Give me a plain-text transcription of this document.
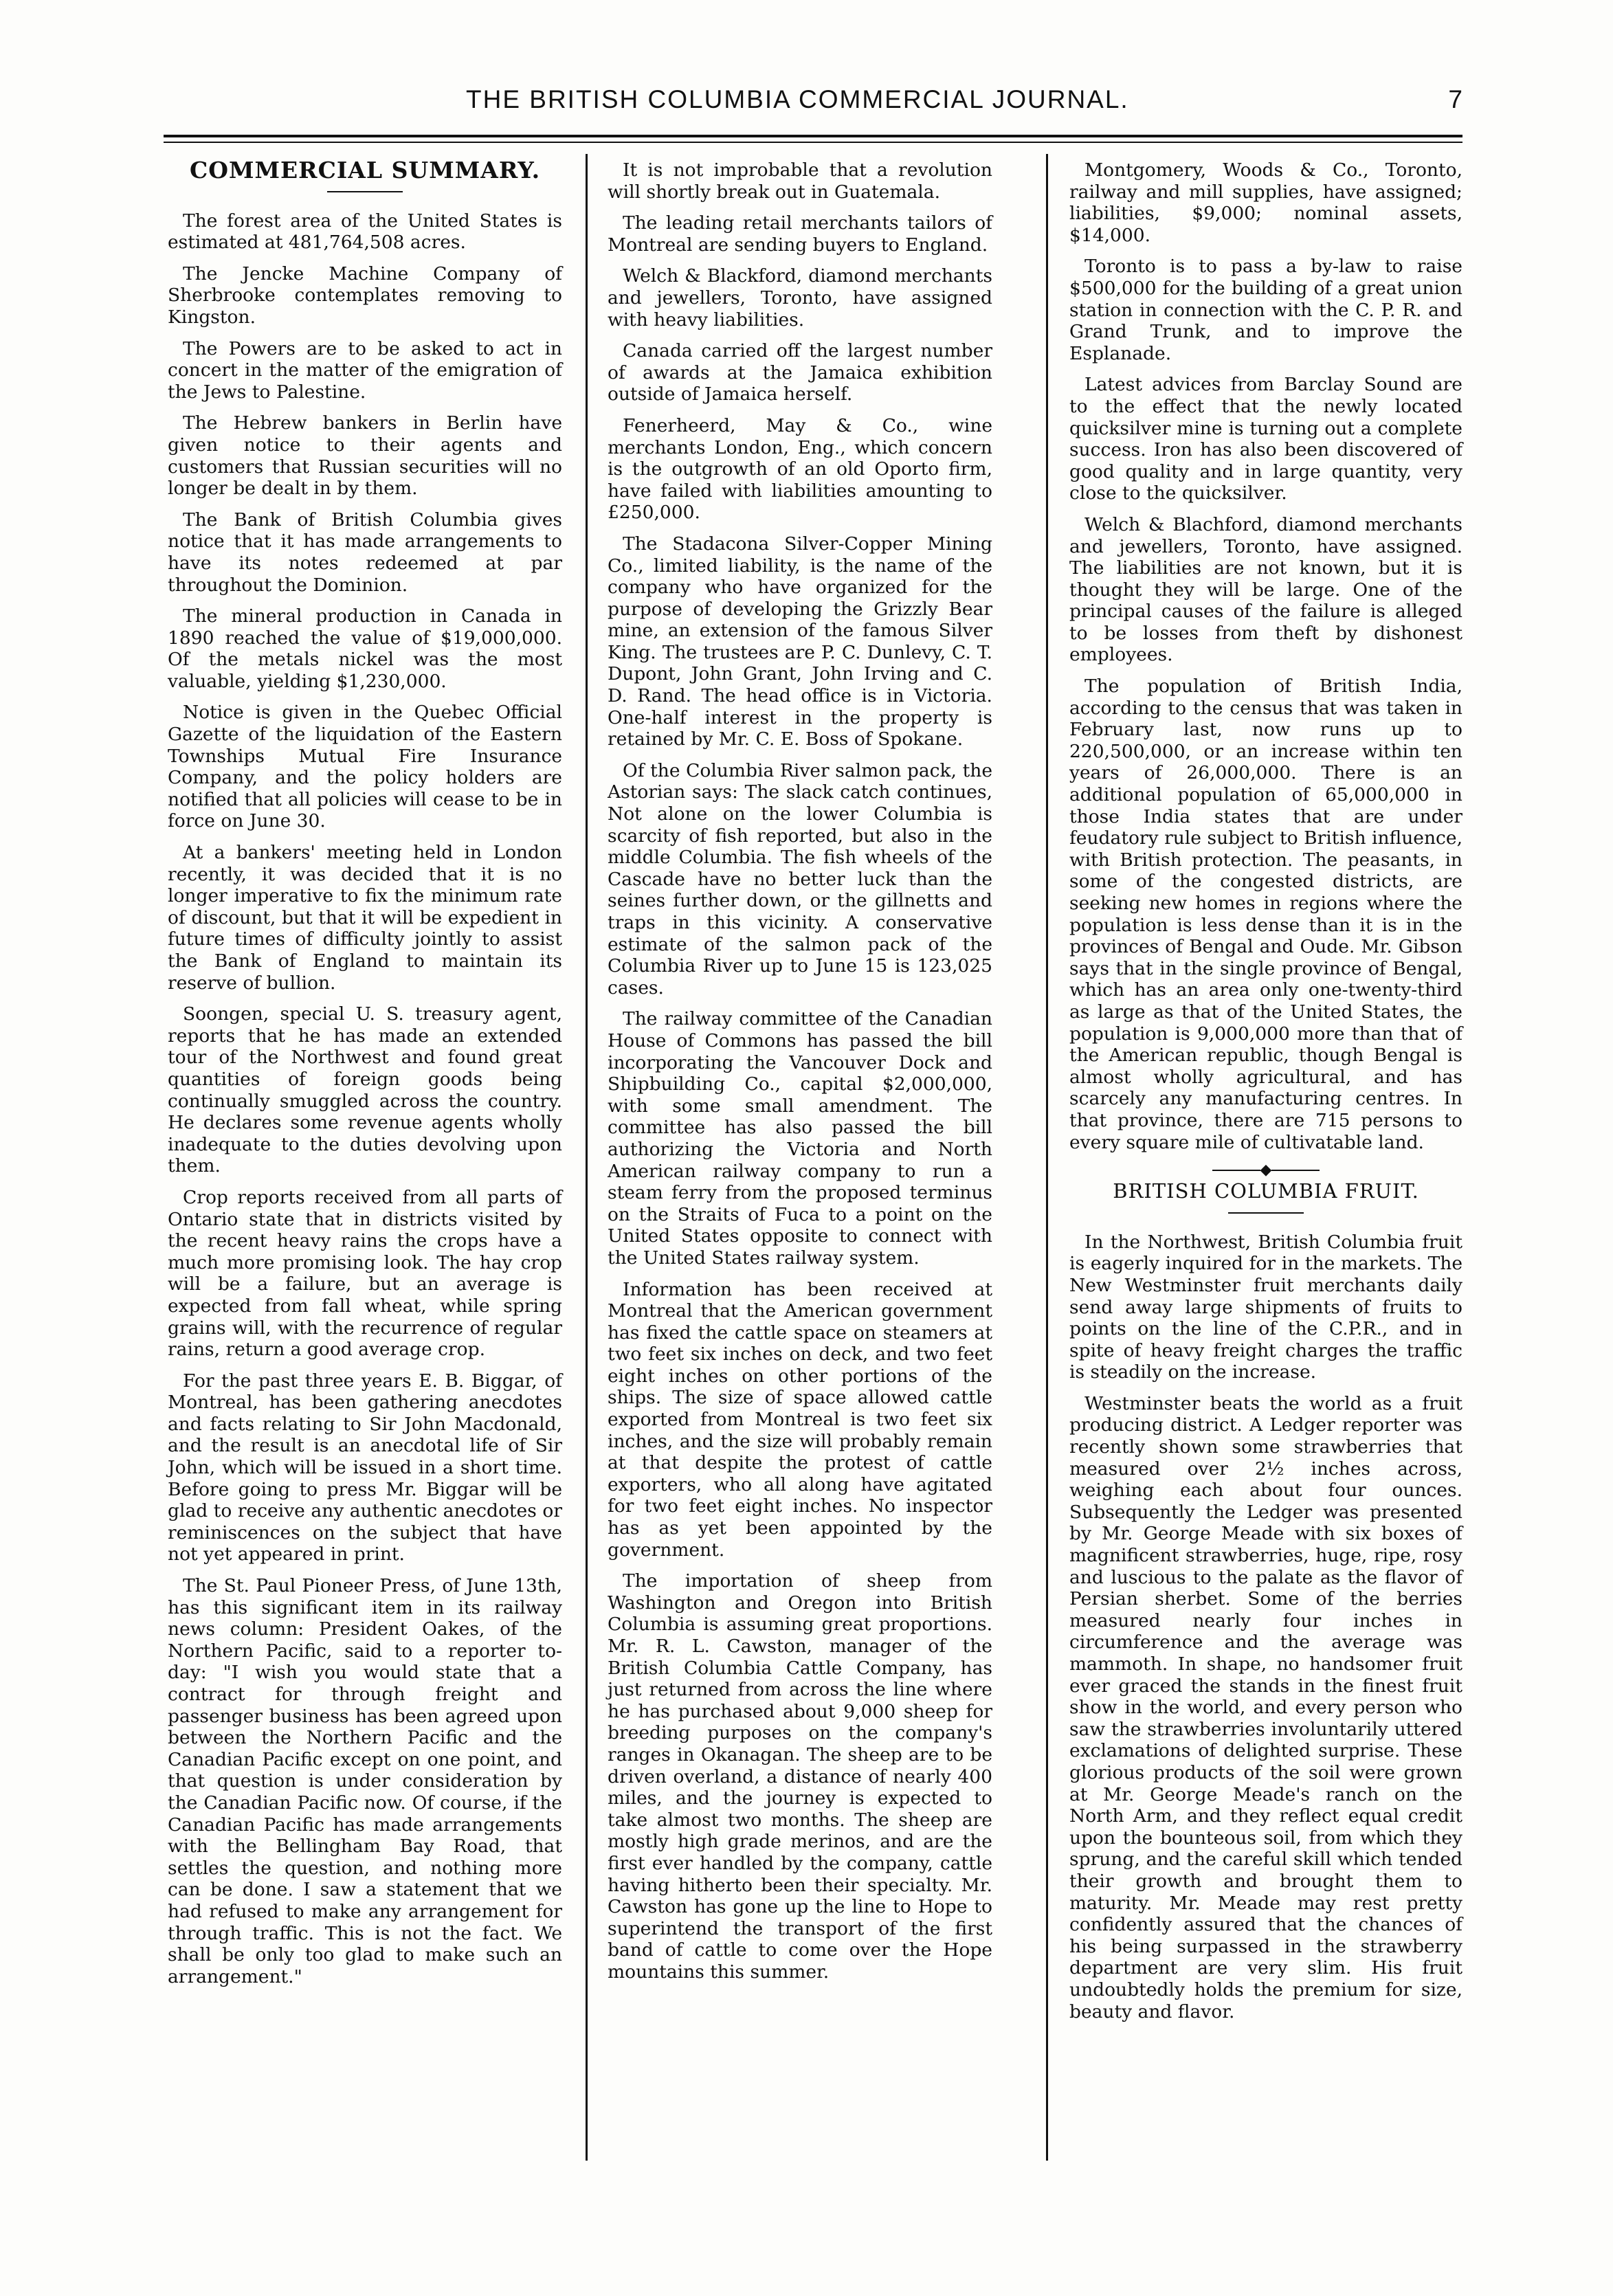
THE BRITISH COLUMBIA COMMERCIAL JOURNAL.	7
COMMERCIAL SUMMARY.

The forest area of the United States is estimated at 481,764,508 acres.

The Jencke Machine Company of Sherbrooke contemplates removing to Kingston.

The Powers are to be asked to act in concert in the matter of the emigration of the Jews to Palestine.

The Hebrew bankers in Berlin have given notice to their agents and customers that Russian securities will no longer be dealt in by them.

The Bank of British Columbia gives notice that it has made arrangements to have its notes redeemed at par throughout the Dominion.

The mineral production in Canada in 1890 reached the value of $19,000,000. Of the metals nickel was the most valuable, yielding $1,230,000.

Notice is given in the Quebec Official Gazette of the liquidation of the Eastern Townships Mutual Fire Insurance Company, and the policy holders are notified that all policies will cease to be in force on June 30.

At a bankers' meeting held in London recently, it was decided that it is no longer imperative to fix the minimum rate of discount, but that it will be expedient in future times of difficulty jointly to assist the Bank of England to maintain its reserve of bullion.

Soongen, special U. S. treasury agent, reports that he has made an extended tour of the Northwest and found great quantities of foreign goods being continually smuggled across the country. He declares some revenue agents wholly inadequate to the duties devolving upon them.

Crop reports received from all parts of Ontario state that in districts visited by the recent heavy rains the crops have a much more promising look. The hay crop will be a failure, but an average is expected from fall wheat, while spring grains will, with the recurrence of regular rains, return a good average crop.

For the past three years E. B. Biggar, of Montreal, has been gathering anecdotes and facts relating to Sir John Macdonald, and the result is an anecdotal life of Sir John, which will be issued in a short time. Before going to press Mr. Biggar will be glad to receive any authentic anecdotes or reminiscences on the subject that have not yet appeared in print.

The St. Paul Pioneer Press, of June 13th, has this significant item in its railway news column: President Oakes, of the Northern Pacific, said to a reporter to-day: "I wish you would state that a contract for through freight and passenger business has been agreed upon between the Northern Pacific and the Canadian Pacific except on one point, and that question is under consideration by the Canadian Pacific now. Of course, if the Canadian Pacific has made arrangements with the Bellingham Bay Road, that settles the question, and nothing more can be done. I saw a statement that we had refused to make any arrangement for through traffic. This is not the fact. We shall be only too glad to make such an arrangement."

It is not improbable that a revolution will shortly break out in Guatemala.

The leading retail merchants tailors of Montreal are sending buyers to England.

Welch & Blackford, diamond merchants and jewellers, Toronto, have assigned with heavy liabilities.

Canada carried off the largest number of awards at the Jamaica exhibition outside of Jamaica herself.

Fenerheerd, May & Co., wine merchants London, Eng., which concern is the outgrowth of an old Oporto firm, have failed with liabilities amounting to £250,000.

The Stadacona Silver-Copper Mining Co., limited liability, is the name of the company who have organized for the purpose of developing the Grizzly Bear mine, an extension of the famous Silver King. The trustees are P. C. Dunlevy, C. T. Dupont, John Grant, John Irving and C. D. Rand. The head office is in Victoria. One-half interest in the property is retained by Mr. C. E. Boss of Spokane.

Of the Columbia River salmon pack, the Astorian says: The slack catch continues, Not alone on the lower Columbia is scarcity of fish reported, but also in the middle Columbia. The fish wheels of the Cascade have no better luck than the seines further down, or the gillnetts and traps in this vicinity. A conservative estimate of the salmon pack of the Columbia River up to June 15 is 123,025 cases.

The railway committee of the Canadian House of Commons has passed the bill incorporating the Vancouver Dock and Shipbuilding Co., capital $2,000,000, with some small amendment. The committee has also passed the bill authorizing the Victoria and North American railway company to run a steam ferry from the proposed terminus on the Straits of Fuca to a point on the United States opposite to connect with the United States railway system.

Information has been received at Montreal that the American government has fixed the cattle space on steamers at two feet six inches on deck, and two feet eight inches on other portions of the ships. The size of space allowed cattle exported from Montreal is two feet six inches, and the size will probably remain at that despite the protest of cattle exporters, who all along have agitated for two feet eight inches. No inspector has as yet been appointed by the government.

The importation of sheep from Washington and Oregon into British Columbia is assuming great proportions. Mr. R. L. Cawston, manager of the British Columbia Cattle Company, has just returned from across the line where he has purchased about 9,000 sheep for breeding purposes on the company's ranges in Okanagan. The sheep are to be driven overland, a distance of nearly 400 miles, and the journey is expected to take almost two months. The sheep are mostly high grade merinos, and are the first ever handled by the company, cattle having hitherto been their specialty. Mr. Cawston has gone up the line to Hope to superintend the transport of the first band of cattle to come over the Hope mountains this summer.

Montgomery, Woods & Co., Toronto, railway and mill supplies, have assigned; liabilities, $9,000; nominal assets, $14,000.

Toronto is to pass a by-law to raise $500,000 for the building of a great union station in connection with the C. P. R. and Grand Trunk, and to improve the Esplanade.

Latest advices from Barclay Sound are to the effect that the newly located quicksilver mine is turning out a complete success. Iron has also been discovered of good quality and in large quantity, very close to the quicksilver.

Welch & Blachford, diamond merchants and jewellers, Toronto, have assigned. The liabilities are not known, but it is thought they will be large. One of the principal causes of the failure is alleged to be losses from theft by dishonest employees.

The population of British India, according to the census that was taken in February last, now runs up to 220,500,000, or an increase within ten years of 26,000,000. There is an additional population of 65,000,000 in those India states that are under feudatory rule subject to British influence, with British protection. The peasants, in some of the congested districts, are seeking new homes in regions where the population is less dense than it is in the provinces of Bengal and Oude. Mr. Gibson says that in the single province of Bengal, which has an area only one-twenty-third as large as that of the United States, the population is 9,000,000 more than that of the American republic, though Bengal is almost wholly agricultural, and has scarcely any manufacturing centres. In that province, there are 715 persons to every square mile of cultivatable land.

◆
BRITISH COLUMBIA FRUIT.

In the Northwest, British Columbia fruit is eagerly inquired for in the markets. The New Westminster fruit merchants daily send away large shipments of fruits to points on the line of the C.P.R., and in spite of heavy freight charges the traffic is steadily on the increase.

Westminster beats the world as a fruit producing district. A Ledger reporter was recently shown some strawberries that measured over 2½ inches across, weighing each about four ounces. Subsequently the Ledger was presented by Mr. George Meade with six boxes of magnificent strawberries, huge, ripe, rosy and luscious to the palate as the flavor of Persian sherbet. Some of the berries measured nearly four inches in circumference and the average was mammoth. In shape, no handsomer fruit ever graced the stands in the finest fruit show in the world, and every person who saw the strawberries involuntarily uttered exclamations of delighted surprise. These glorious products of the soil were grown at Mr. George Meade's ranch on the North Arm, and they reflect equal credit upon the bounteous soil, from which they sprung, and the careful skill which tended their growth and brought them to maturity. Mr. Meade may rest pretty confidently assured that the chances of his being surpassed in the strawberry department are very slim. His fruit undoubtedly holds the premium for size, beauty and flavor.
